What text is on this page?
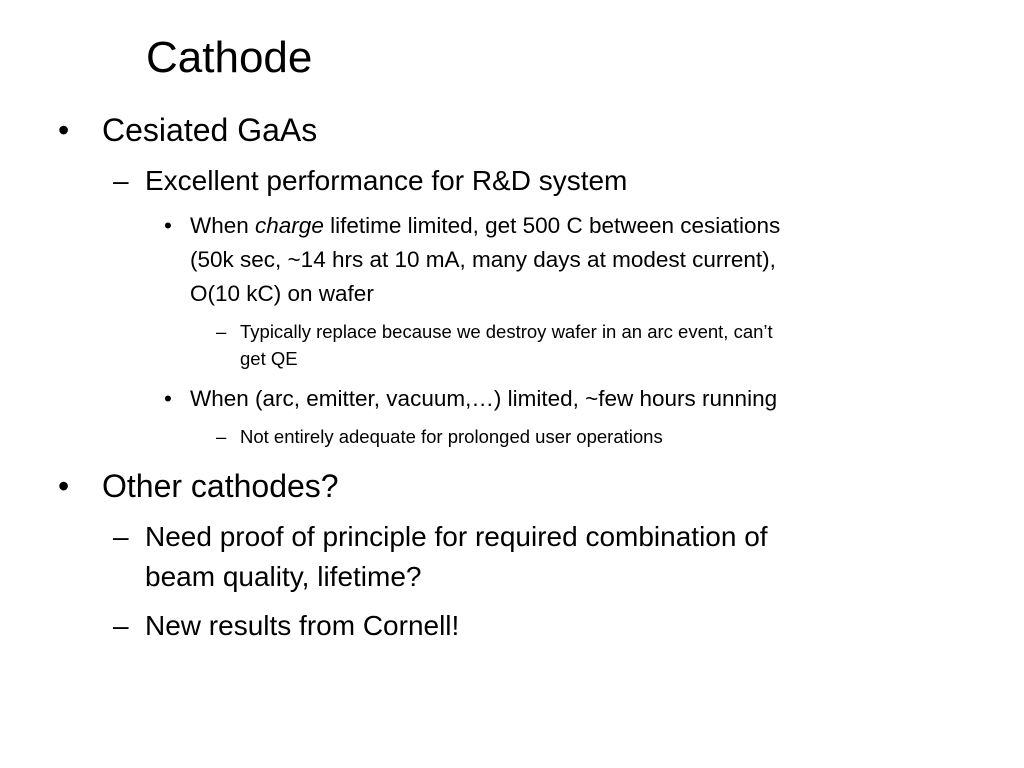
Cathode
•	Cesiated GaAs
– Excellent performance for R&D system
• When charge lifetime limited, get 500 C between cesiations
(50k sec, ~14 hrs at 10 mA, many days at modest current),
O(10 kC) on wafer
– Typically replace because we destroy wafer in an arc event, can’t
get QE
• When (arc, emitter, vacuum,…) limited, ~few hours running
– Not entirely adequate for prolonged user operations
•	Other cathodes?
– Need proof of principle for required combination of
beam quality, lifetime?
– New results from Cornell!
